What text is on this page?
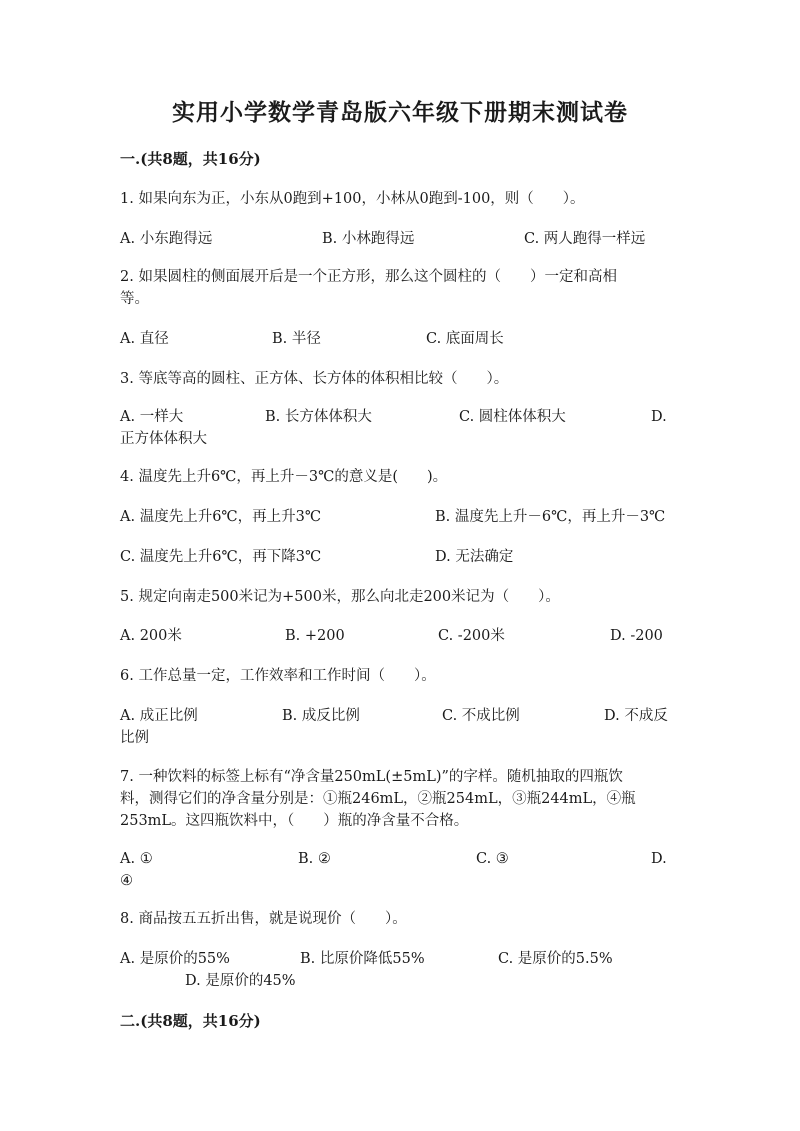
实用小学数学青岛版六年级下册期末测试卷
一.(共8题，共16分)
1. 如果向东为正，小东从0跑到+100，小林从0跑到-100，则（　　）。
A. 小东跑得远	B. 小林跑得远	C. 两人跑得一样远
2. 如果圆柱的侧面展开后是一个正方形，那么这个圆柱的（　　）一定和高相
等。
A. 直径	B. 半径	C. 底面周长
3. 等底等高的圆柱、正方体、长方体的体积相比较（　　）。
A. 一样大	B. 长方体体积大	C. 圆柱体体积大	D.
正方体体积大
4. 温度先上升6℃，再上升－3℃的意义是(　　)。
A. 温度先上升6℃，再上升3℃	B. 温度先上升－6℃，再上升－3℃
C. 温度先上升6℃，再下降3℃	D. 无法确定
5. 规定向南走500米记为+500米，那么向北走200米记为（　　）。
A. 200米	B. +200	C. -200米	D. -200
6. 工作总量一定，工作效率和工作时间（　　）。
A. 成正比例	B. 成反比例	C. 不成比例	D. 不成反
比例
7. 一种饮料的标签上标有“净含量250mL(±5mL)”的字样。随机抽取的四瓶饮
料，测得它们的净含量分别是：①瓶246mL，②瓶254mL，③瓶244mL，④瓶
253mL。这四瓶饮料中，（　　）瓶的净含量不合格。
A. ①	B. ②	C. ③	D.
④
8. 商品按五五折出售，就是说现价（　　）。
A. 是原价的55%	B. 比原价降低55%	C. 是原价的5.5%
D. 是原价的45%
二.(共8题，共16分)
